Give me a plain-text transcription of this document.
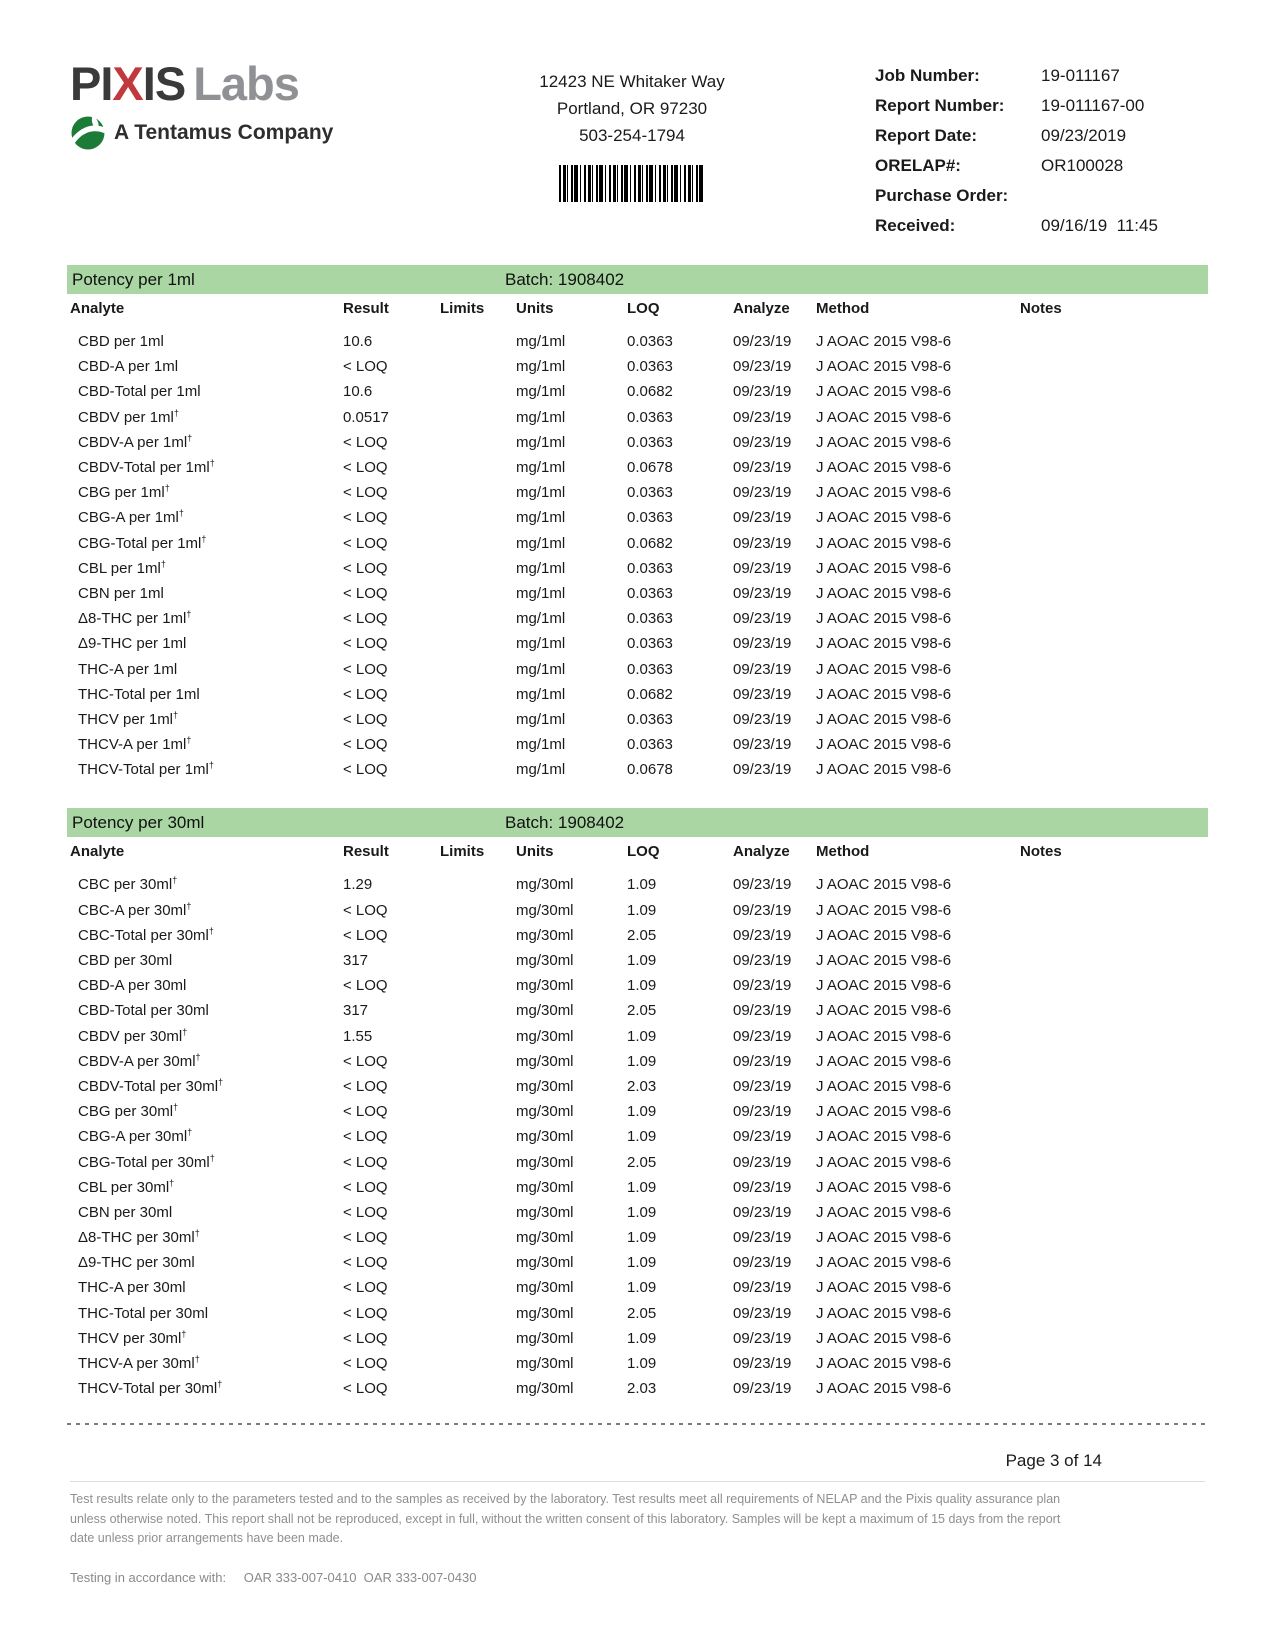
PIXIS Labs
A Tentamus Company
12423 NE Whitaker Way
Portland, OR 97230
503-254-1794
Job Number:	19-011167
Report Number:	19-011167-00
Report Date:	09/23/2019
ORELAP#:	OR100028
Purchase Order:
Received:	09/16/19  11:45
Potency per 1ml	Batch: 1908402
Analyte	Result	Limits	Units	LOQ	Analyze	Method	Notes
CBD per 1ml	10.6	mg/1ml	0.0363	09/23/19	J AOAC 2015 V98-6
CBD-A per 1ml	< LOQ	mg/1ml	0.0363	09/23/19	J AOAC 2015 V98-6
CBD-Total per 1ml	10.6	mg/1ml	0.0682	09/23/19	J AOAC 2015 V98-6
CBDV per 1ml†	0.0517	mg/1ml	0.0363	09/23/19	J AOAC 2015 V98-6
CBDV-A per 1ml†	< LOQ	mg/1ml	0.0363	09/23/19	J AOAC 2015 V98-6
CBDV-Total per 1ml†	< LOQ	mg/1ml	0.0678	09/23/19	J AOAC 2015 V98-6
CBG per 1ml†	< LOQ	mg/1ml	0.0363	09/23/19	J AOAC 2015 V98-6
CBG-A per 1ml†	< LOQ	mg/1ml	0.0363	09/23/19	J AOAC 2015 V98-6
CBG-Total per 1ml†	< LOQ	mg/1ml	0.0682	09/23/19	J AOAC 2015 V98-6
CBL per 1ml†	< LOQ	mg/1ml	0.0363	09/23/19	J AOAC 2015 V98-6
CBN per 1ml	< LOQ	mg/1ml	0.0363	09/23/19	J AOAC 2015 V98-6
Δ8-THC per 1ml†	< LOQ	mg/1ml	0.0363	09/23/19	J AOAC 2015 V98-6
Δ9-THC per 1ml	< LOQ	mg/1ml	0.0363	09/23/19	J AOAC 2015 V98-6
THC-A per 1ml	< LOQ	mg/1ml	0.0363	09/23/19	J AOAC 2015 V98-6
THC-Total per 1ml	< LOQ	mg/1ml	0.0682	09/23/19	J AOAC 2015 V98-6
THCV per 1ml†	< LOQ	mg/1ml	0.0363	09/23/19	J AOAC 2015 V98-6
THCV-A per 1ml†	< LOQ	mg/1ml	0.0363	09/23/19	J AOAC 2015 V98-6
THCV-Total per 1ml†	< LOQ	mg/1ml	0.0678	09/23/19	J AOAC 2015 V98-6
Potency per 30ml	Batch: 1908402
Analyte	Result	Limits	Units	LOQ	Analyze	Method	Notes
CBC per 30ml†	1.29	mg/30ml	1.09	09/23/19	J AOAC 2015 V98-6
CBC-A per 30ml†	< LOQ	mg/30ml	1.09	09/23/19	J AOAC 2015 V98-6
CBC-Total per 30ml†	< LOQ	mg/30ml	2.05	09/23/19	J AOAC 2015 V98-6
CBD per 30ml	317	mg/30ml	1.09	09/23/19	J AOAC 2015 V98-6
CBD-A per 30ml	< LOQ	mg/30ml	1.09	09/23/19	J AOAC 2015 V98-6
CBD-Total per 30ml	317	mg/30ml	2.05	09/23/19	J AOAC 2015 V98-6
CBDV per 30ml†	1.55	mg/30ml	1.09	09/23/19	J AOAC 2015 V98-6
CBDV-A per 30ml†	< LOQ	mg/30ml	1.09	09/23/19	J AOAC 2015 V98-6
CBDV-Total per 30ml†	< LOQ	mg/30ml	2.03	09/23/19	J AOAC 2015 V98-6
CBG per 30ml†	< LOQ	mg/30ml	1.09	09/23/19	J AOAC 2015 V98-6
CBG-A per 30ml†	< LOQ	mg/30ml	1.09	09/23/19	J AOAC 2015 V98-6
CBG-Total per 30ml†	< LOQ	mg/30ml	2.05	09/23/19	J AOAC 2015 V98-6
CBL per 30ml†	< LOQ	mg/30ml	1.09	09/23/19	J AOAC 2015 V98-6
CBN per 30ml	< LOQ	mg/30ml	1.09	09/23/19	J AOAC 2015 V98-6
Δ8-THC per 30ml†	< LOQ	mg/30ml	1.09	09/23/19	J AOAC 2015 V98-6
Δ9-THC per 30ml	< LOQ	mg/30ml	1.09	09/23/19	J AOAC 2015 V98-6
THC-A per 30ml	< LOQ	mg/30ml	1.09	09/23/19	J AOAC 2015 V98-6
THC-Total per 30ml	< LOQ	mg/30ml	2.05	09/23/19	J AOAC 2015 V98-6
THCV per 30ml†	< LOQ	mg/30ml	1.09	09/23/19	J AOAC 2015 V98-6
THCV-A per 30ml†	< LOQ	mg/30ml	1.09	09/23/19	J AOAC 2015 V98-6
THCV-Total per 30ml†	< LOQ	mg/30ml	2.03	09/23/19	J AOAC 2015 V98-6
Page 3 of 14
Test results relate only to the parameters tested and to the samples as received by the laboratory. Test results meet all requirements of NELAP and the Pixis quality assurance plan unless otherwise noted. This report shall not be reproduced, except in full, without the written consent of this laboratory. Samples will be kept a maximum of 15 days from the report date unless prior arrangements have been made.
Testing in accordance with: OAR 333-007-0410  OAR 333-007-0430
